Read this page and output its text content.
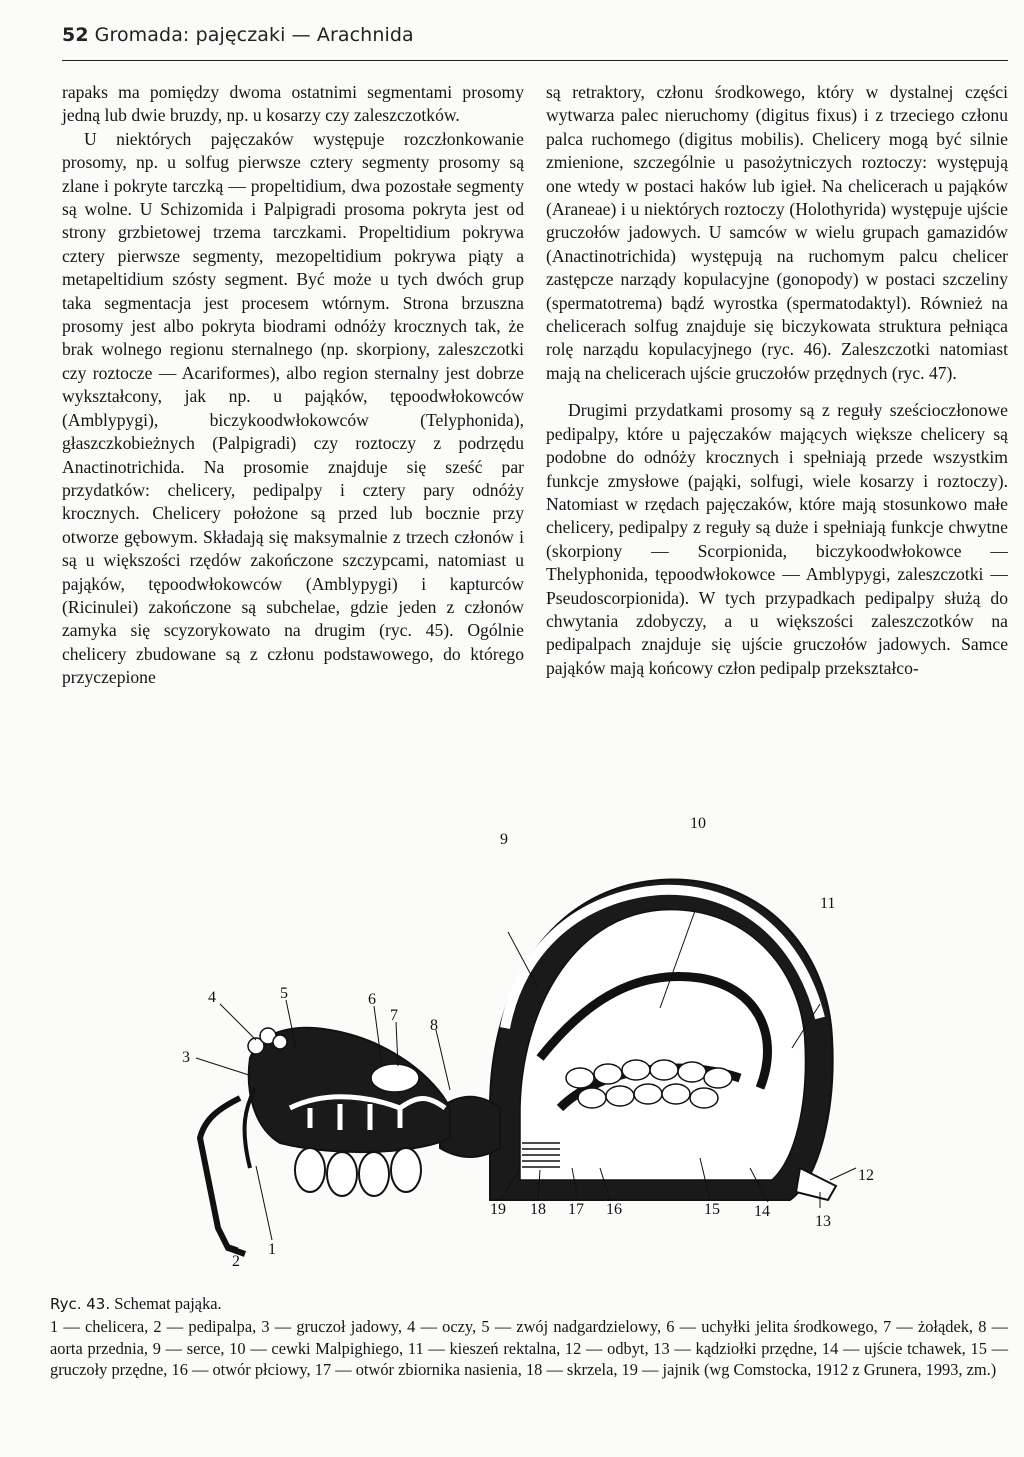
52 Gromada: pajęczaki — Arachnida

rapaks ma pomiędzy dwoma ostatnimi segmentami prosomy jedną lub dwie bruzdy, np. u kosarzy czy zaleszczotków.

U niektórych pajęczaków występuje rozczłonkowanie prosomy, np. u solfug pierwsze cztery segmenty prosomy są zlane i pokryte tarczką — propeltidium, dwa pozostałe segmenty są wolne. U Schizomida i Palpigradi prosoma pokryta jest od strony grzbietowej trzema tarczkami. Propeltidium pokrywa cztery pierwsze segmenty, mezopeltidium pokrywa piąty a metapeltidium szósty segment. Być może u tych dwóch grup taka segmentacja jest procesem wtórnym. Strona brzuszna prosomy jest albo pokryta biodrami odnóży krocznych tak, że brak wolnego regionu sternalnego (np. skorpiony, zaleszczotki czy roztocze — Acariformes), albo region sternalny jest dobrze wykształcony, jak np. u pająków, tępoodwłokowców (Amblypygi), biczykoodwłokowców (Telyphonida), głaszczkobieżnych (Palpigradi) czy roztoczy z podrzędu Anactinotrichida. Na prosomie znajduje się sześć par przydatków: chelicery, pedipalpy i cztery pary odnóży krocznych. Chelicery położone są przed lub bocznie przy otworze gębowym. Składają się maksymalnie z trzech członów i są u większości rzędów zakończone szczypcami, natomiast u pająków, tępoodwłokowców (Amblypygi) i kapturców (Ricinulei) zakończone są subchelae, gdzie jeden z członów zamyka się scyzorykowato na drugim (ryc. 45). Ogólnie chelicery zbudowane są z członu podstawowego, do którego przyczepione

są retraktory, członu środkowego, który w dystalnej części wytwarza palec nieruchomy (digitus fixus) i z trzeciego członu palca ruchomego (digitus mobilis). Chelicery mogą być silnie zmienione, szczególnie u pasożytniczych roztoczy: występują one wtedy w postaci haków lub igieł. Na chelicerach u pająków (Araneae) i u niektórych roztoczy (Holothyrida) występuje ujście gruczołów jadowych. U samców w wielu grupach gamazidów (Anactinotrichida) występują na ruchomym palcu chelicer zastępcze narządy kopulacyjne (gonopody) w postaci szczeliny (spermatotrema) bądź wyrostka (spermatodaktyl). Również na chelicerach solfug znajduje się biczykowata struktura pełniąca rolę narządu kopulacyjnego (ryc. 46). Zaleszczotki natomiast mają na chelicerach ujście gruczołów przędnych (ryc. 47).

Drugimi przydatkami prosomy są z reguły sześcioczłonowe pedipalpy, które u pajęczaków mających większe chelicery są podobne do odnóży krocznych i spełniają przede wszystkim funkcje zmysłowe (pająki, solfugi, wiele kosarzy i roztoczy). Natomiast w rzędach pajęczaków, które mają stosunkowo małe chelicery, pedipalpy z reguły są duże i spełniają funkcje chwytne (skorpiony — Scorpionida, biczykoodwłokowce — Thelyphonida, tępoodwłokowce — Amblypygi, zaleszczotki — Pseudoscorpionida). W tych przypadkach pedipalpy służą do chwytania zdobyczy, a u większości zaleszczotków na pedipalpach znajduje się ujście gruczołów jadowych. Samce pająków mają końcowy człon pedipalp przekształco-

1
2
3
4	5	6
7
8
9
10
11
12
13
14
15
16
17
18
19
Ryc. 43. Schemat pająka.
1 — chelicera, 2 — pedipalpa, 3 — gruczoł jadowy, 4 — oczy, 5 — zwój nadgardzielowy, 6 — uchyłki jelita środkowego, 7 — żołądek, 8 — aorta przednia, 9 — serce, 10 — cewki Malpighiego, 11 — kieszeń rektalna, 12 — odbyt, 13 — kądziołki przędne, 14 — ujście tchawek, 15 — gruczoły przędne, 16 — otwór płciowy, 17 — otwór zbiornika nasienia, 18 — skrzela, 19 — jajnik (wg Comstocka, 1912 z Grunera, 1993, zm.)
